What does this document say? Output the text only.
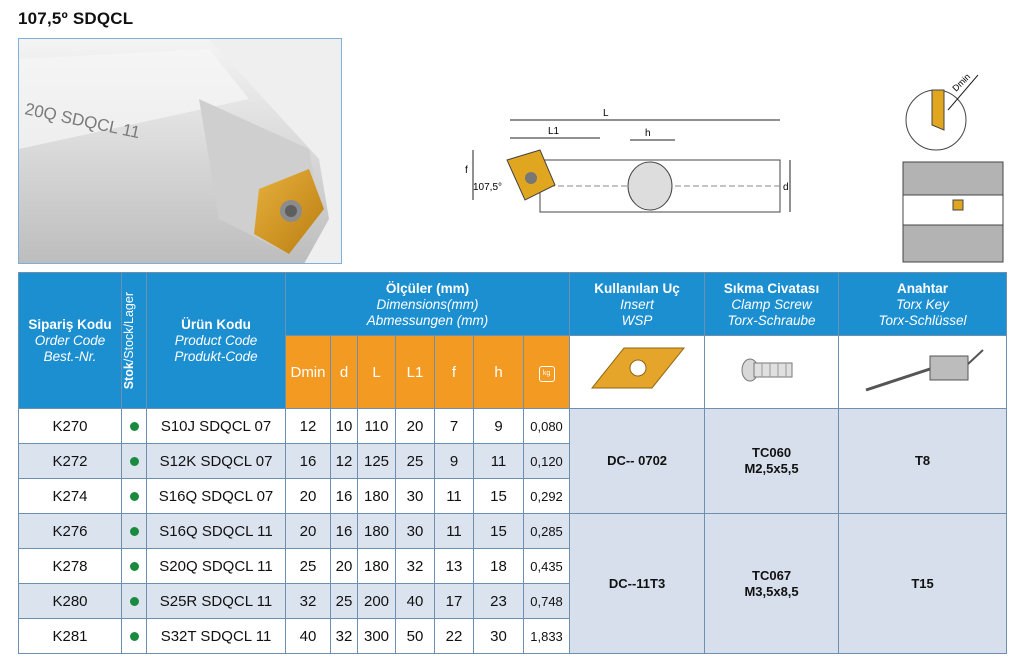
107,5º SDQCL
20Q SDQCL 11	L
L1	h
f
d
107,5°
Dmin
Sipariş Kodu
Order Code
Best.-Nr.	Stok/Stock/Lager	Ürün Kodu
Product Code
Produkt-Code	Ölçüler (mm)
Dimensions(mm)
Abmessungen (mm)							Kullanılan Uç
Insert
WSP	Sıkma Civatası
Clamp Screw
Torx-Schraube	Anahtar
Torx Key
Torx-Schlüssel

			Dmin	d	L	L1	f	h	kg			
K270		S10J SDQCL 07	12	10	110	20	7	9	0,080	DC-- 0702	TC060
M2,5x5,5	T8
K272		S12K SDQCL 07	16	12	125	25	9	11	0,120			
K274		S16Q SDQCL 07	20	16	180	30	11	15	0,292			
K276		S16Q SDQCL 11	20	16	180	30	11	15	0,285	DC--11T3	TC067
M3,5x8,5	T15
K278		S20Q SDQCL 11	25	20	180	32	13	18	0,435			
K280		S25R SDQCL 11	32	25	200	40	17	23	0,748			
K281		S32T SDQCL 11	40	32	300	50	22	30	1,833			
